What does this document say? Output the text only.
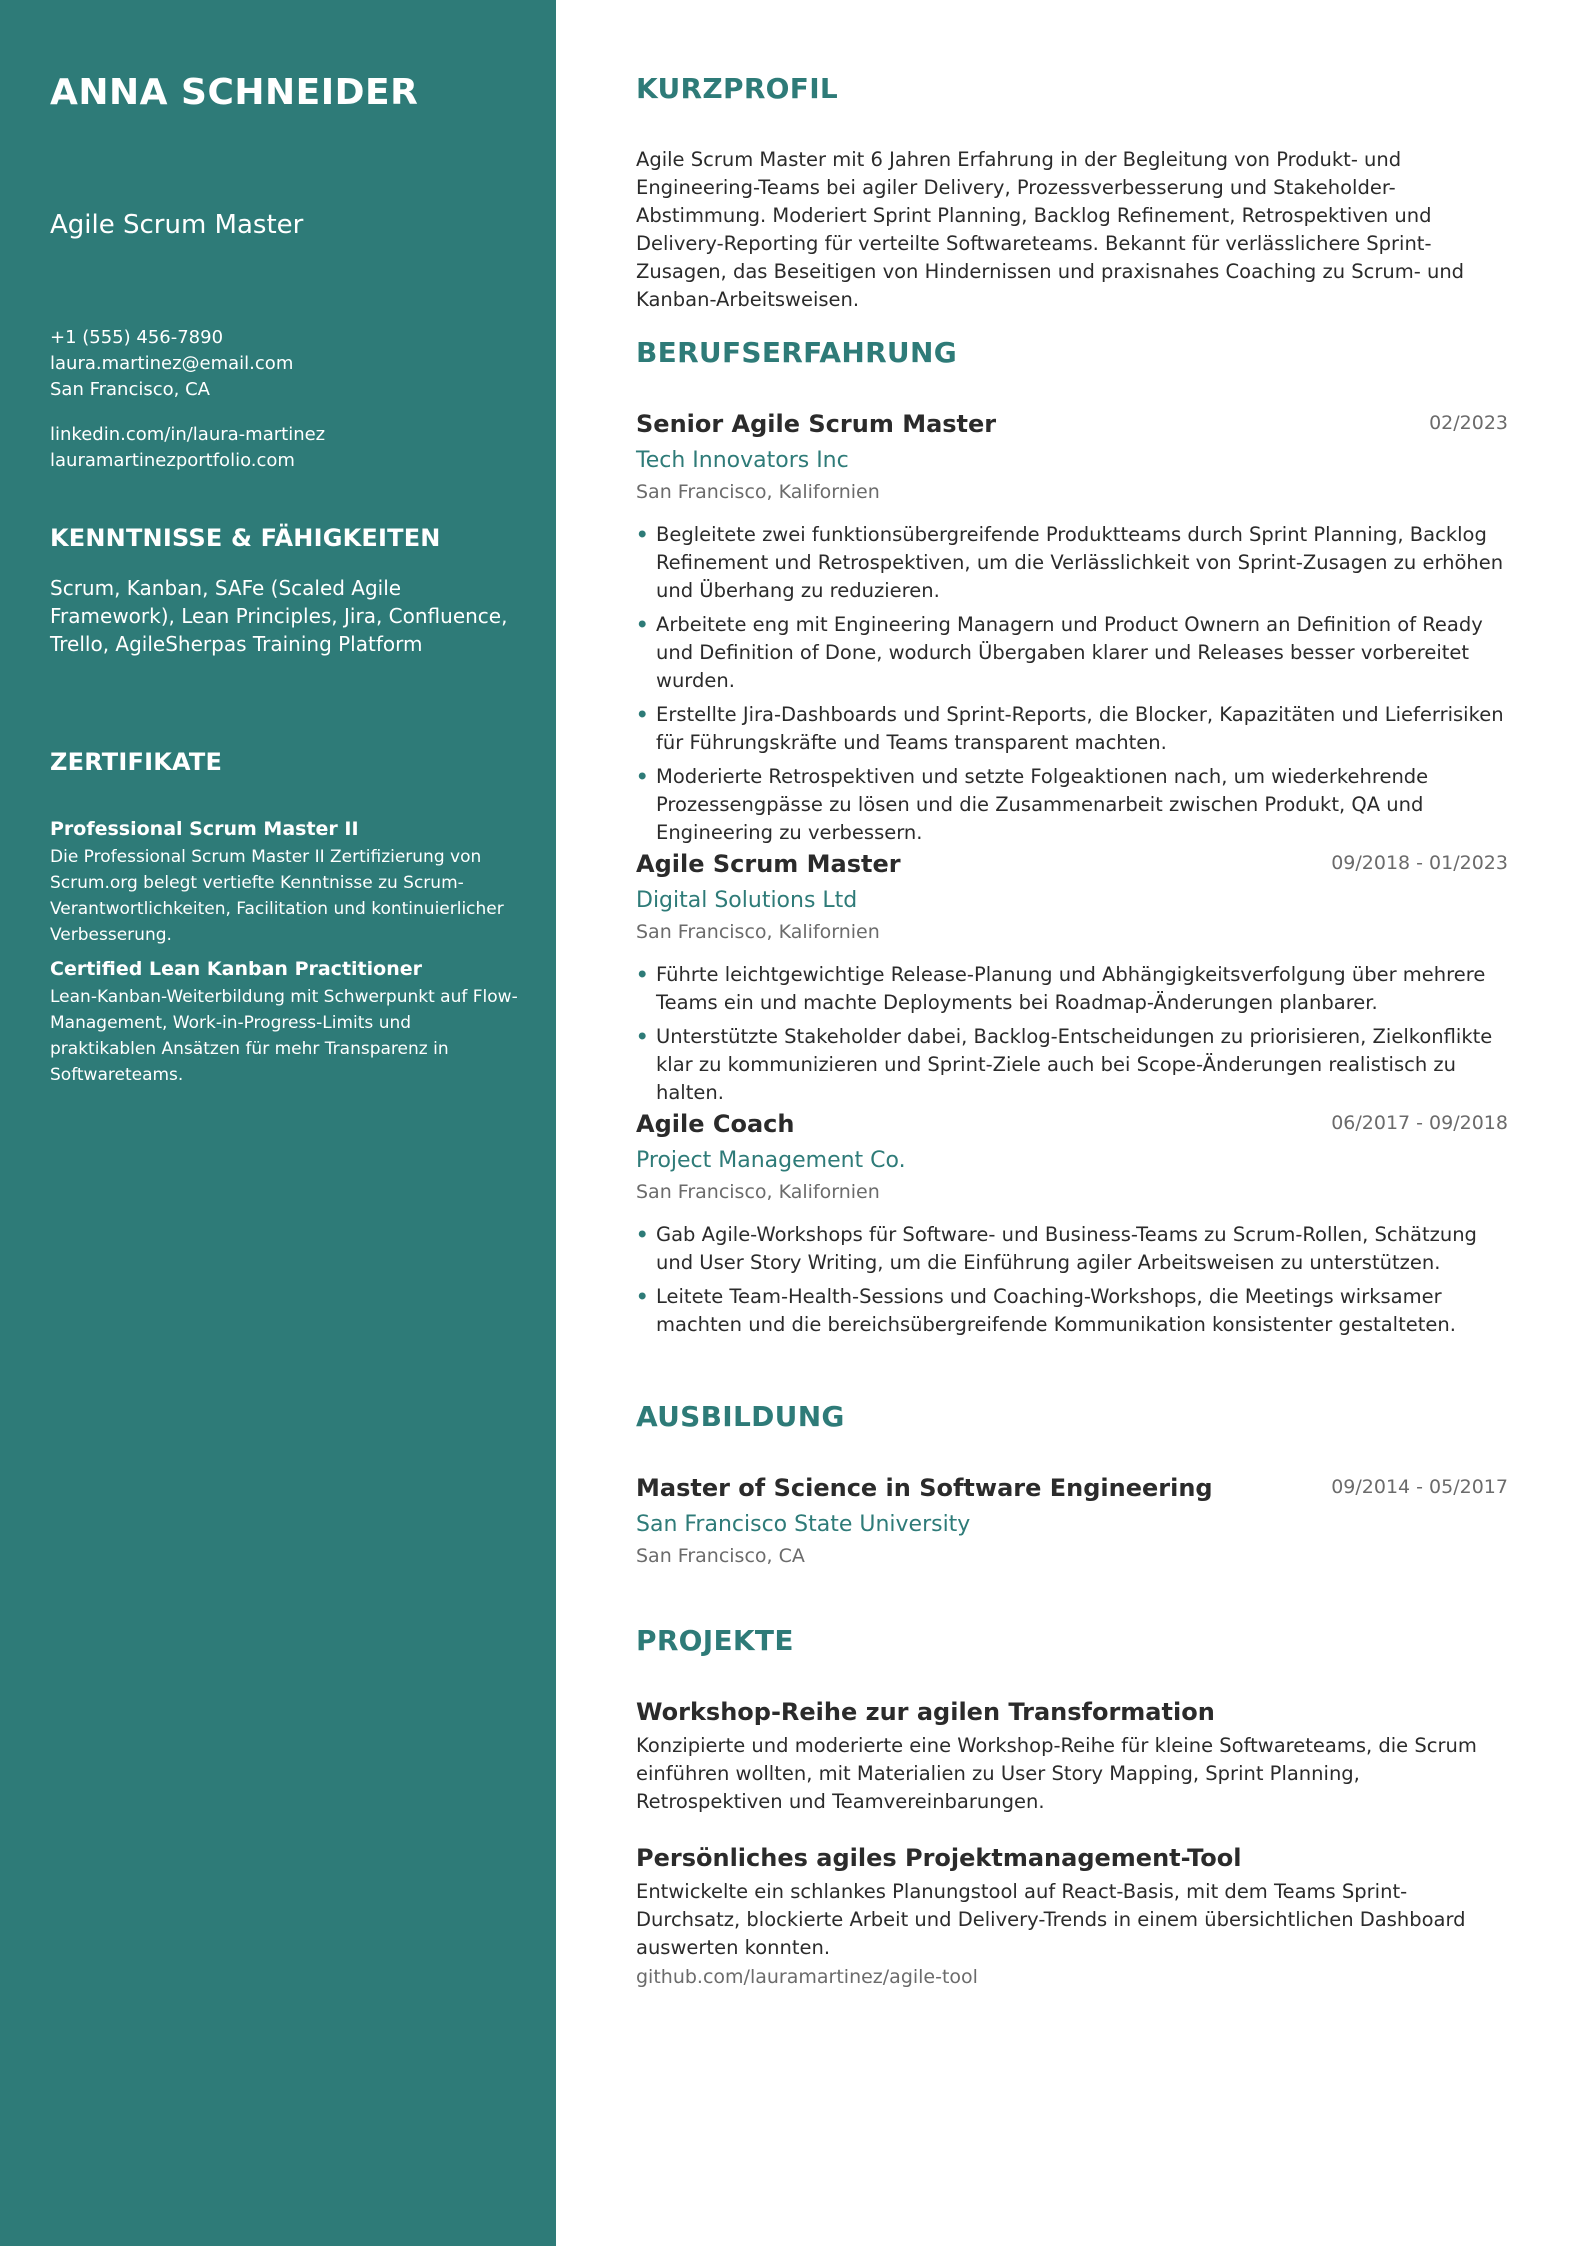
ANNA SCHNEIDER

Agile Scrum Master

+1 (555) 456-7890
laura.martinez@email.com
San Francisco, CA
linkedin.com/in/laura-martinez
lauramartinezportfolio.com
KENNTNISSE & FÄHIGKEITEN
Scrum, Kanban, SAFe (Scaled Agile Framework), Lean Principles, Jira, Confluence, Trello, AgileSherpas Training Platform
ZERTIFIKATE

Professional Scrum Master II

Die Professional Scrum Master II Zertifizierung von Scrum.org belegt vertiefte Kenntnisse zu Scrum-Verantwortlichkeiten, Facilitation und kontinuierlicher Verbesserung.

Certified Lean Kanban Practitioner

Lean-Kanban-Weiterbildung mit Schwerpunkt auf Flow-Management, Work-in-Progress-Limits und praktikablen Ansätzen für mehr Transparenz in Softwareteams.

KURZPROFIL

Agile Scrum Master mit 6 Jahren Erfahrung in der Begleitung von Produkt- und Engineering-Teams bei agiler Delivery, Prozessverbesserung und Stakeholder-Abstimmung. Moderiert Sprint Planning, Backlog Refinement, Retrospektiven und Delivery-Reporting für verteilte Softwareteams. Bekannt für verlässlichere Sprint-Zusagen, das Beseitigen von Hindernissen und praxisnahes Coaching zu Scrum- und Kanban-Arbeitsweisen.

BERUFSERFAHRUNG

Senior Agile Scrum Master	02/2023

Tech Innovators Inc

San Francisco, Kalifornien

• Begleitete zwei funktionsübergreifende Produktteams durch Sprint Planning, Backlog Refinement und Retrospektiven, um die Verlässlichkeit von Sprint-Zusagen zu erhöhen und Überhang zu reduzieren.
• Arbeitete eng mit Engineering Managern und Product Ownern an Definition of Ready und Definition of Done, wodurch Übergaben klarer und Releases besser vorbereitet wurden.
• Erstellte Jira-Dashboards und Sprint-Reports, die Blocker, Kapazitäten und Lieferrisiken für Führungskräfte und Teams transparent machten.
• Moderierte Retrospektiven und setzte Folgeaktionen nach, um wiederkehrende Prozessengpässe zu lösen und die Zusammenarbeit zwischen Produkt, QA und Engineering zu verbessern.

Agile Scrum Master	09/2018 - 01/2023

Digital Solutions Ltd

San Francisco, Kalifornien

• Führte leichtgewichtige Release-Planung und Abhängigkeitsverfolgung über mehrere Teams ein und machte Deployments bei Roadmap-Änderungen planbarer.
• Unterstützte Stakeholder dabei, Backlog-Entscheidungen zu priorisieren, Zielkonflikte klar zu kommunizieren und Sprint-Ziele auch bei Scope-Änderungen realistisch zu halten.

Agile Coach	06/2017 - 09/2018

Project Management Co.

San Francisco, Kalifornien

• Gab Agile-Workshops für Software- und Business-Teams zu Scrum-Rollen, Schätzung und User Story Writing, um die Einführung agiler Arbeitsweisen zu unterstützen.
• Leitete Team-Health-Sessions und Coaching-Workshops, die Meetings wirksamer machten und die bereichsübergreifende Kommunikation konsistenter gestalteten.
AUSBILDUNG

Master of Science in Software Engineering	09/2014 - 05/2017

San Francisco State University

San Francisco, CA

PROJEKTE

Workshop-Reihe zur agilen Transformation

Konzipierte und moderierte eine Workshop-Reihe für kleine Softwareteams, die Scrum einführen wollten, mit Materialien zu User Story Mapping, Sprint Planning, Retrospektiven und Teamvereinbarungen.

Persönliches agiles Projektmanagement-Tool

Entwickelte ein schlankes Planungstool auf React-Basis, mit dem Teams Sprint-Durchsatz, blockierte Arbeit und Delivery-Trends in einem übersichtlichen Dashboard auswerten konnten.

github.com/lauramartinez/agile-tool
